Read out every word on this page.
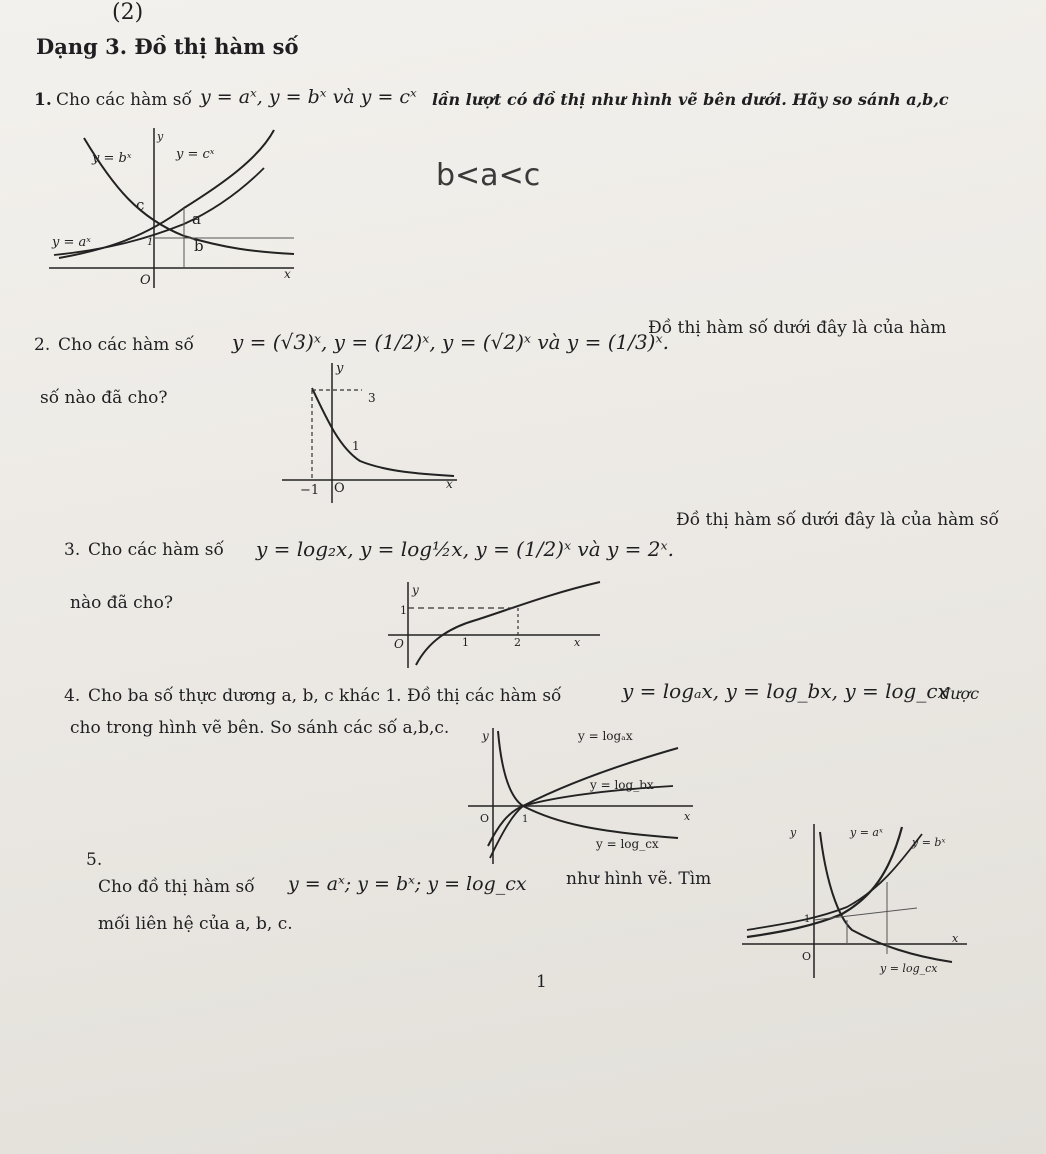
(2)
Dạng 3. Đồ thị hàm số
1. Cho các hàm số y = aˣ, y = bˣ và y = cˣ lần lượt có đồ thị như hình vẽ bên dưới. Hãy so sánh a,b,c
b<a<c
y
y = bˣ	y = cˣ
y = aˣ
O	x
1
c
a
b
2. Cho các hàm số y = (√3)ˣ, y = (1/2)ˣ, y = (√2)ˣ và y = (1/3)ˣ.
Đồ thị hàm số dưới đây là của hàm
số nào đã cho?
y
3
1
−1 O	x
3. Cho các hàm số y = log₂x, y = log½x, y = (1/2)ˣ và y = 2ˣ.
Đồ thị hàm số dưới đây là của hàm số
nào đã cho?
y
1
O	1	2	x
4. Cho ba số thực dương a, b, c khác 1. Đồ thị các hàm số	y = logₐx, y = log_bx, y = log_cx
được
cho trong hình vẽ bên. So sánh các số a,b,c.	y	y = logₐx
y = log_bx
y = log_cx
O	1	x
5.
Cho đồ thị hàm số y = aˣ; y = bˣ; y = log_cx như hình vẽ. Tìm
mối liên hệ của a, b, c.
y	y = aˣ
y = bˣ
1
O
x
y = log_cx
1
